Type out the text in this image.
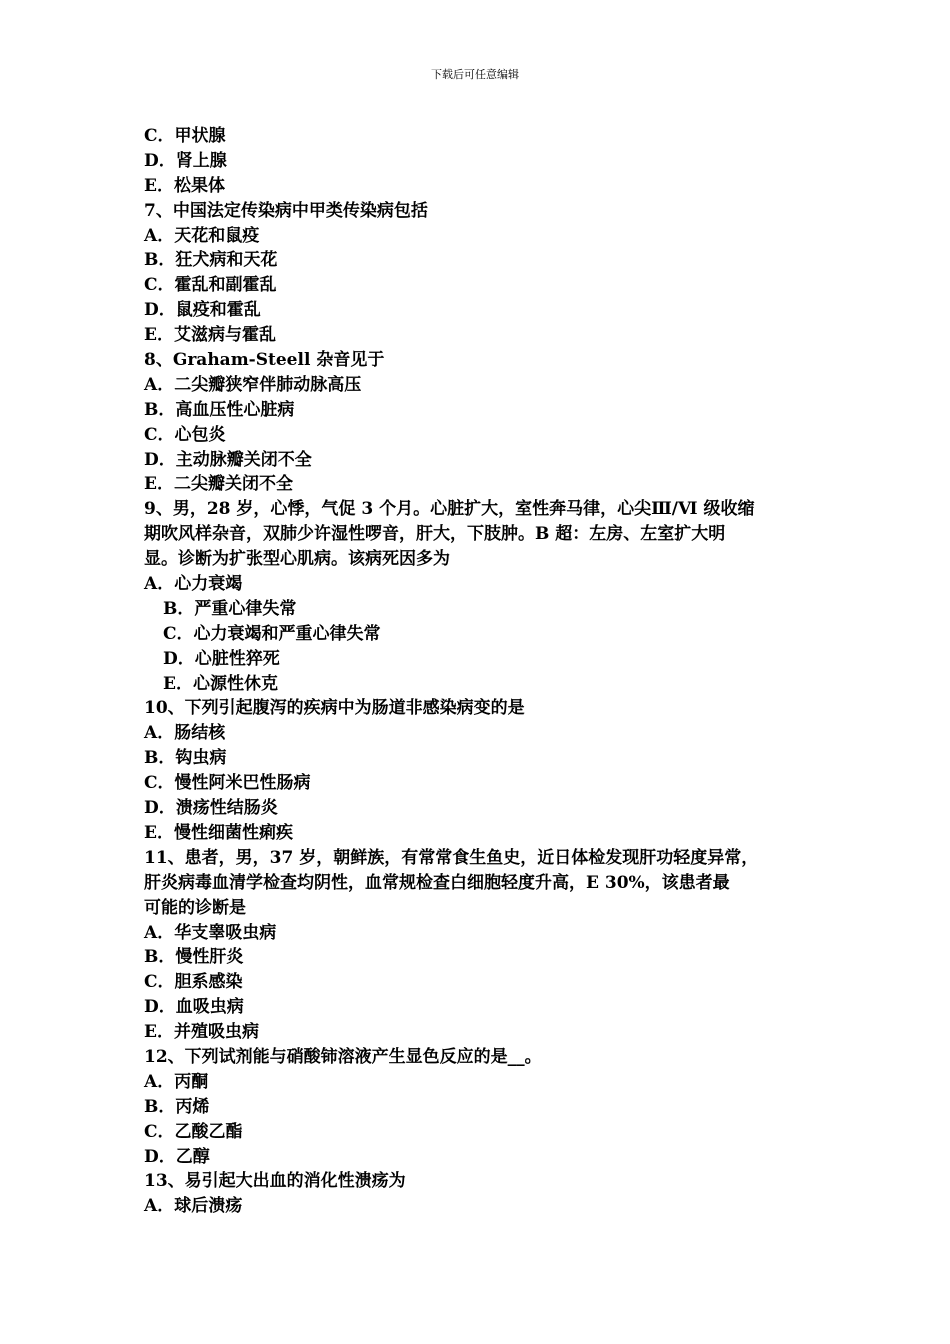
下载后可任意编辑
C．甲状腺
D．肾上腺
E．松果体
7、中国法定传染病中甲类传染病包括
A．天花和鼠疫
B．狂犬病和天花
C．霍乱和副霍乱
D．鼠疫和霍乱
E．艾滋病与霍乱
8、Graham-Steell 杂音见于
A．二尖瓣狭窄伴肺动脉高压
B．高血压性心脏病
C．心包炎
D．主动脉瓣关闭不全
E．二尖瓣关闭不全
9、男，28 岁，心悸，气促 3 个月。心脏扩大，室性奔马律，心尖Ⅲ/Ⅵ 级收缩
期吹风样杂音，双肺少许湿性啰音，肝大，下肢肿。B 超：左房、左室扩大明
显。诊断为扩张型心肌病。该病死因多为
A．心力衰竭
B．严重心律失常
C．心力衰竭和严重心律失常
D．心脏性猝死
E．心源性休克
10、下列引起腹泻的疾病中为肠道非感染病变的是
A．肠结核
B．钩虫病
C．慢性阿米巴性肠病
D．溃疡性结肠炎
E．慢性细菌性痢疾
11、患者，男，37 岁，朝鲜族，有常常食生鱼史，近日体检发现肝功轻度异常，
肝炎病毒血清学检查均阴性，血常规检查白细胞轻度升高，E 30%，该患者最
可能的诊断是
A．华支睾吸虫病
B．慢性肝炎
C．胆系感染
D．血吸虫病
E．并殖吸虫病
12、下列试剂能与硝酸铈溶液产生显色反应的是__。
A．丙酮
B．丙烯
C．乙酸乙酯
D．乙醇
13、易引起大出血的消化性溃疡为
A．球后溃疡
